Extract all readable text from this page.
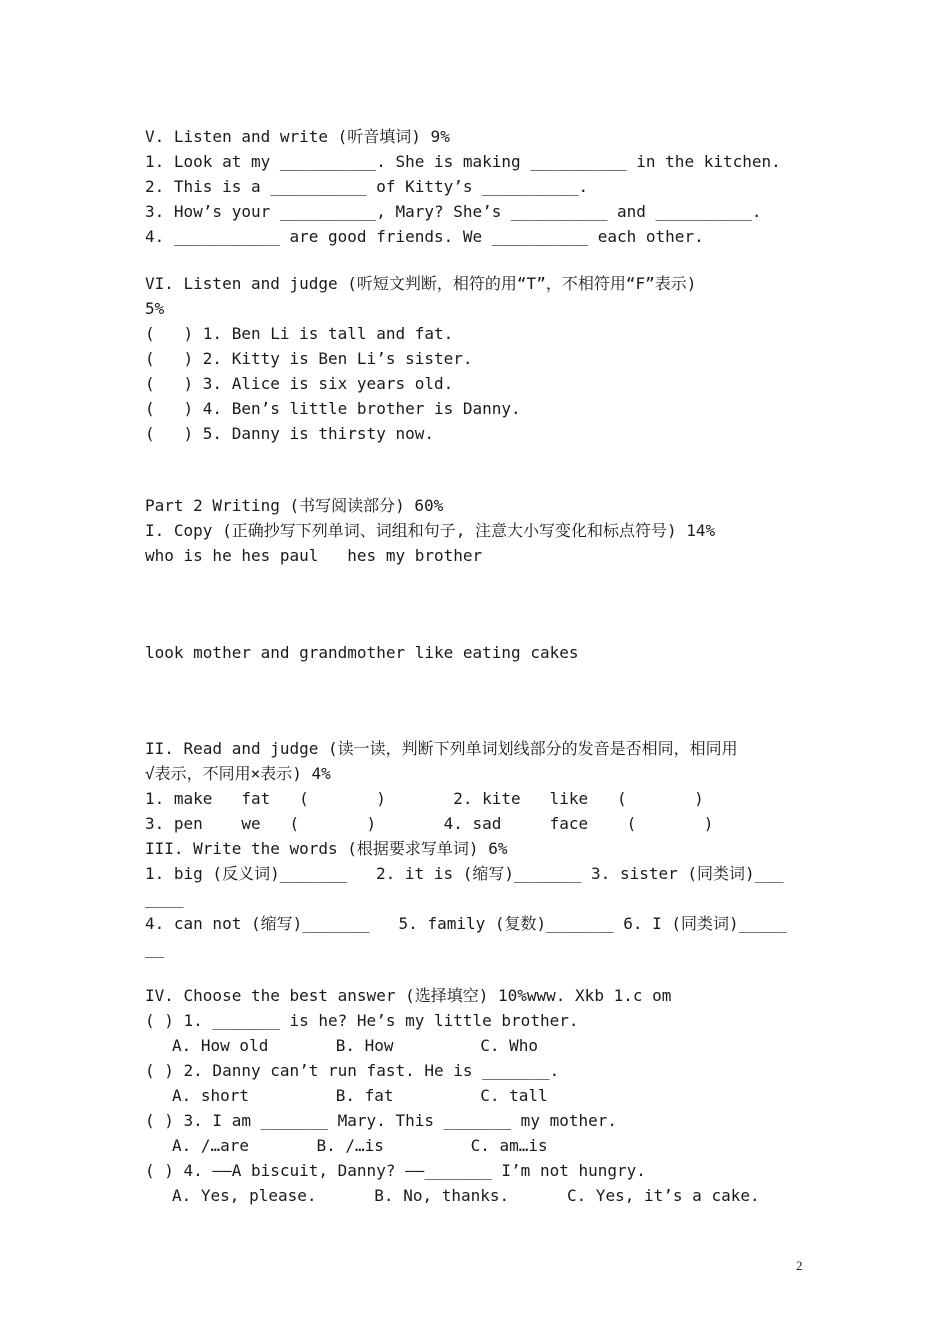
V. Listen and write (听音填词) 9%
1. Look at my __________. She is making __________ in the kitchen.
2. This is a __________ of Kitty’s __________.
3. How’s your __________, Mary? She’s __________ and __________.
4. ___________ are good friends. We __________ each other.
VI. Listen and judge (听短文判断，相符的用“T”，不相符用“F”表示)
5%
(   ) 1. Ben Li is tall and fat.
(   ) 2. Kitty is Ben Li’s sister.
(   ) 3. Alice is six years old.
(   ) 4. Ben’s little brother is Danny.
(   ) 5. Danny is thirsty now.
Part 2 Writing (书写阅读部分) 60%
I. Copy (正确抄写下列单词、词组和句子, 注意大小写变化和标点符号) 14%
who is he hes paul   hes my brother
look mother and grandmother like eating cakes
II. Read and judge (读一读，判断下列单词划线部分的发音是否相同，相同用
√表示，不同用×表示) 4%
1. make   fat   (       )       2. kite   like   (       )
3. pen    we   (       )       4. sad     face    (       )
III. Write the words (根据要求写单词) 6%
1. big (反义词)_______   2. it is (缩写)_______ 3. sister (同类词)___
____
4. can not (缩写)_______   5. family (复数)_______ 6. I (同类词)_____
__
IV. Choose the best answer (选择填空) 10%www. Xkb 1.c om
( ) 1. _______ is he? He’s my little brother.
A. How old       B. How         C. Who
( ) 2. Danny can’t run fast. He is _______.
A. short         B. fat         C. tall
( ) 3. I am _______ Mary. This _______ my mother.
A. /…are       B. /…is         C. am…is
( ) 4. ——A biscuit, Danny? ——_______ I’m not hungry.
A. Yes, please.      B. No, thanks.      C. Yes, it’s a cake.
2
